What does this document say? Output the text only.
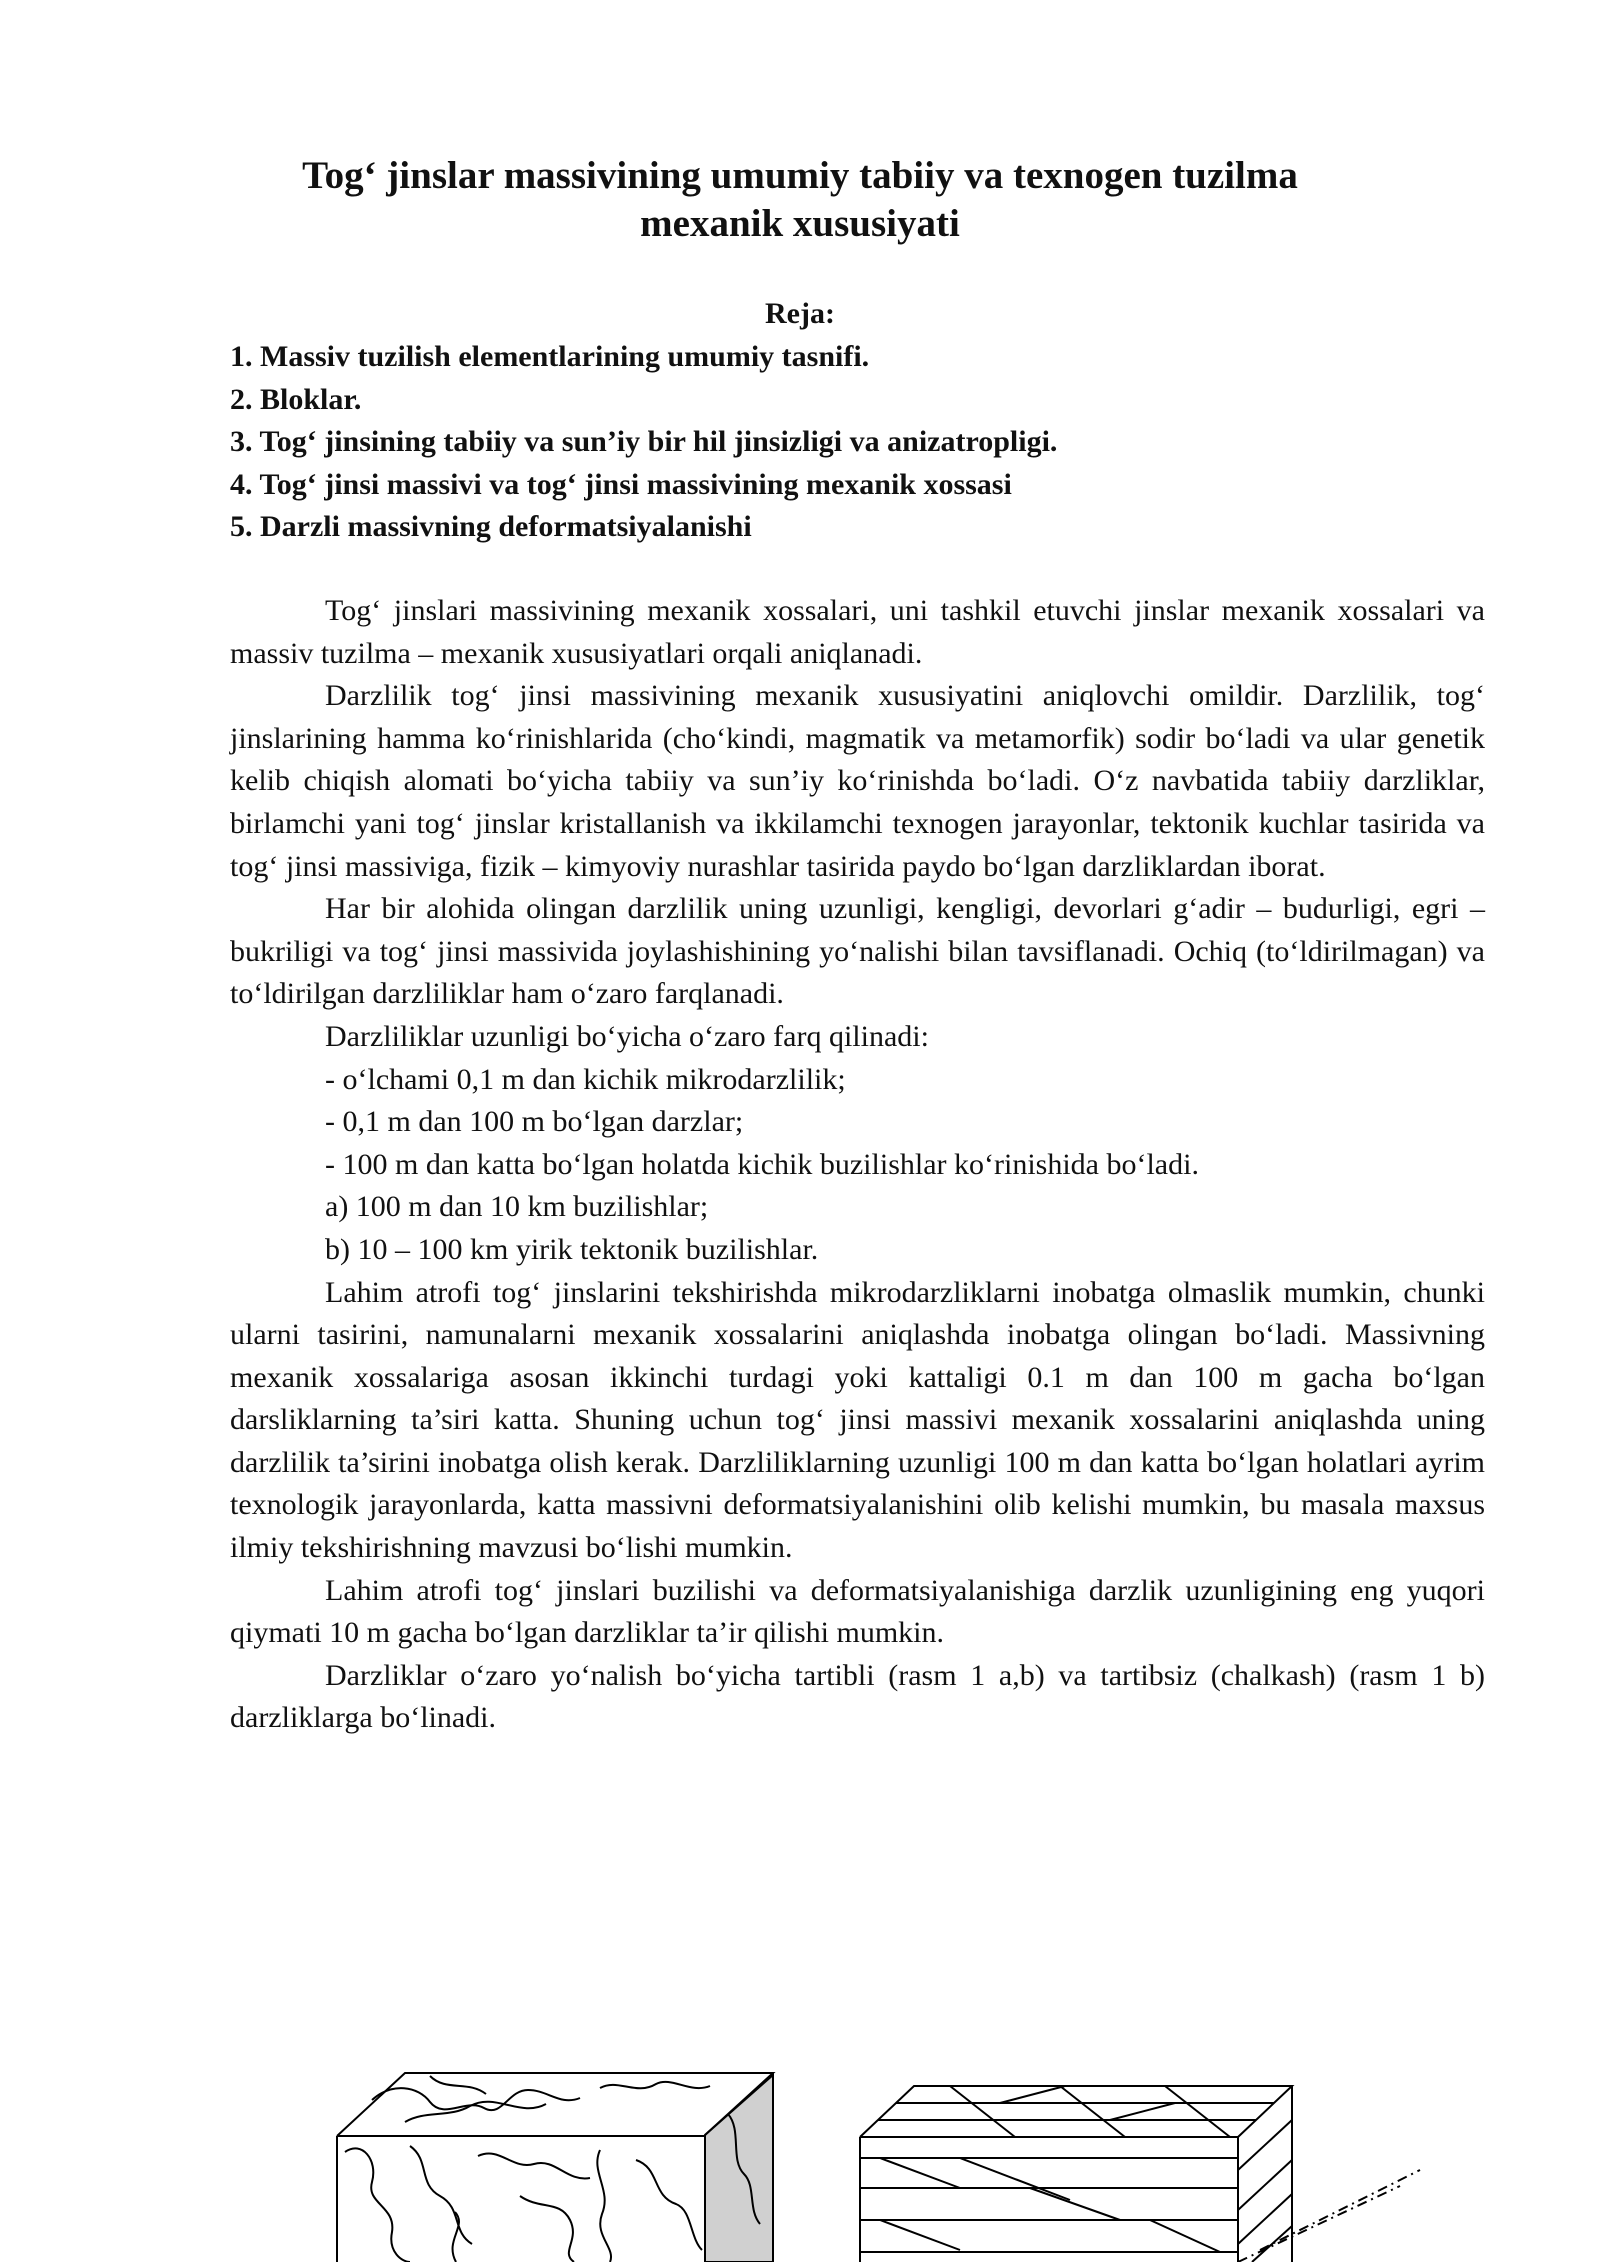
Tog‘ jinslar massivining umumiy tabiiy va texnogen tuzilma
mexanik xususiyati
Reja:
1. Massiv tuzilish elementlarining umumiy tasnifi.
2. Bloklar.
3. Tog‘ jinsining tabiiy va sun’iy bir hil jinsizligi va anizatropligi.
4. Tog‘ jinsi massivi va tog‘ jinsi massivining mexanik xossasi
5. Darzli massivning deformatsiyalanishi

Tog‘ jinslari massivining mexanik xossalari, uni tashkil etuvchi jinslar mexanik xossalari va massiv tuzilma – mexanik xususiyatlari orqali aniqlanadi.

Darzlilik tog‘ jinsi massivining mexanik xususiyatini aniqlovchi omildir. Darzlilik, tog‘ jinslarining hamma ko‘rinishlarida (cho‘kindi, magmatik va metamorfik) sodir bo‘ladi va ular genetik kelib chiqish alomati bo‘yicha tabiiy va sun’iy ko‘rinishda bo‘ladi. O‘z navbatida tabiiy darzliklar, birlamchi yani tog‘ jinslar kristallanish va ikkilamchi texnogen jarayonlar, tektonik kuchlar tasirida va tog‘ jinsi massiviga, fizik – kimyoviy nurashlar tasirida paydo bo‘lgan darzliklardan iborat.

Har bir alohida olingan darzlilik uning uzunligi, kengligi, devorlari g‘adir – budurligi, egri – bukriligi va tog‘ jinsi massivida joylashishining yo‘nalishi bilan tavsiflanadi. Ochiq (to‘ldirilmagan) va to‘ldirilgan darzliliklar ham o‘zaro farqlanadi.

Darzliliklar uzunligi bo‘yicha o‘zaro farq qilinadi:

- o‘lchami 0,1 m dan kichik mikrodarzlilik;
- 0,1 m dan 100 m bo‘lgan darzlar;
- 100 m dan katta bo‘lgan holatda kichik buzilishlar ko‘rinishida bo‘ladi.
a) 100 m dan 10 km buzilishlar;
b) 10 – 100 km yirik tektonik buzilishlar.

Lahim atrofi tog‘ jinslarini tekshirishda mikrodarzliklarni inobatga olmaslik mumkin, chunki ularni tasirini, namunalarni mexanik xossalarini aniqlashda inobatga olingan bo‘ladi. Massivning mexanik xossalariga asosan ikkinchi turdagi yoki kattaligi 0.1 m dan 100 m gacha bo‘lgan darsliklarning ta’siri katta. Shuning uchun tog‘ jinsi massivi mexanik xossalarini aniqlashda uning darzlilik ta’sirini inobatga olish kerak. Darzliliklarning uzunligi 100 m dan katta bo‘lgan holatlari ayrim texnologik jarayonlarda, katta massivni deformatsiyalanishini olib kelishi mumkin, bu masala maxsus ilmiy tekshirishning mavzusi bo‘lishi mumkin.

Lahim atrofi tog‘ jinslari buzilishi va deformatsiyalanishiga darzlik uzunligining eng yuqori qiymati 10 m gacha bo‘lgan darzliklar ta’ir qilishi mumkin.

Darzliklar o‘zaro yo‘nalish bo‘yicha tartibli (rasm 1 a,b) va tartibsiz (chalkash) (rasm 1 b) darzliklarga bo‘linadi.
